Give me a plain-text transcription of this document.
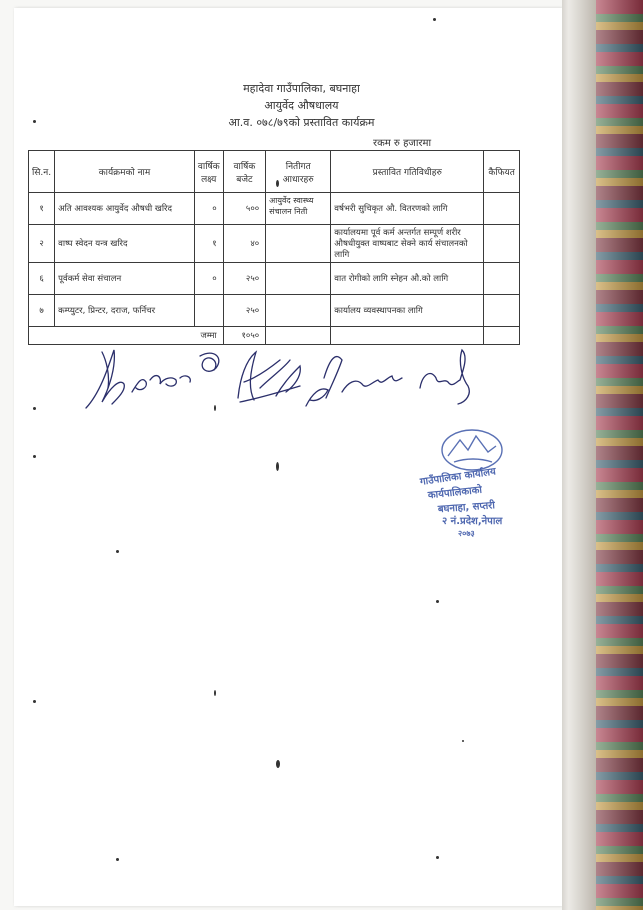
महादेवा गाउँपालिका, बघनाहा
आयुर्वेद औषधालय
आ.व. ०७८/७९को प्रस्तावित कार्यक्रम
रकम रु हजारमा
सि.न.	कार्यक्रमको नाम	वार्षिक लक्ष्य	वार्षिक बजेट	नितीगत आधारहरु	प्रस्तावित गतिविधीहरु	कैफियत
१	अति आवश्यक आयुर्वेद औषधी खरिद	०	५००	आयुर्वेद स्वास्थ्य संचालन निती	वर्षभरी सुचिकृत औ. वितरणको लागि	
२	वाष्प स्वेदन यन्त्र खरिद	१	४०		कार्यालयमा पूर्व कर्म अन्तर्गत सम्पूर्ण शरीर औषधीयुक्त वाष्पबाट सेक्ने कार्य संचालनको लागि	
६	पूर्वकर्म सेवा संचालन	०	२५०		वात रोगीको लागि स्नेहन औ.को लागि	
७	कम्प्युटर, प्रिन्टर, दराज, फर्निचर		२५०		कार्यालय व्यवस्थापनका लागि	
जम्मा			१०५०			
गाउँपालिका कार्यालय
कार्यपालिकाको
बघनाहा, सप्तरी
२ नं.प्रदेश,नेपाल
२०७३
